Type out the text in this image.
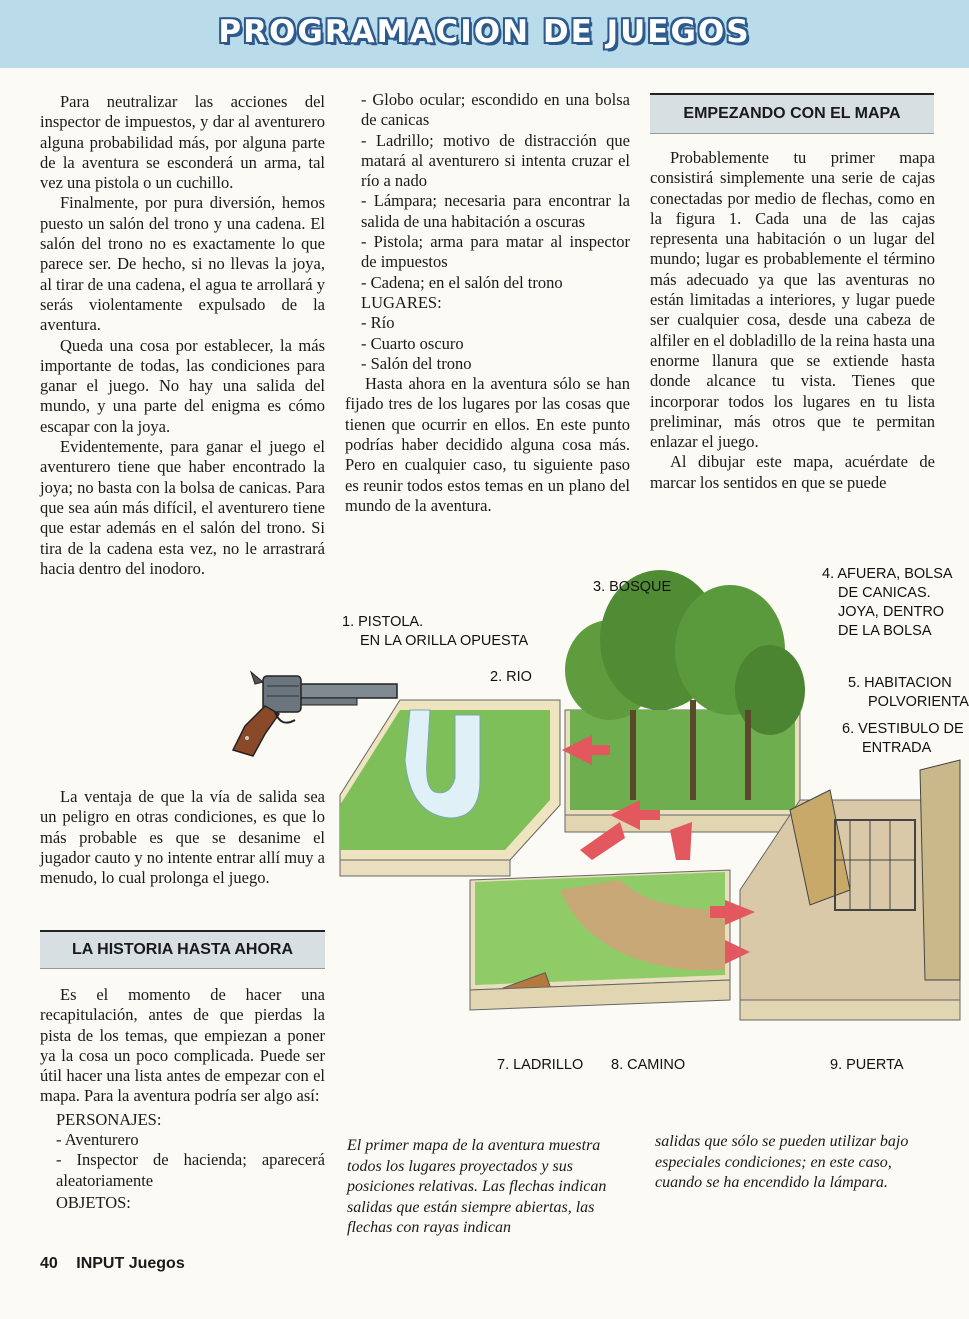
PROGRAMACION DE JUEGOS

Para neutralizar las acciones del inspector de impuestos, y dar al aventurero alguna probabilidad más, por alguna parte de la aventura se esconderá un arma, tal vez una pistola o un cuchillo.

Finalmente, por pura diversión, hemos puesto un salón del trono y una cadena. El salón del trono no es exactamente lo que parece ser. De hecho, si no llevas la joya, al tirar de una cadena, el agua te arrollará y serás violentamente expulsado de la aventura.

Queda una cosa por establecer, la más importante de todas, las condiciones para ganar el juego. No hay una salida del mundo, y una parte del enigma es cómo escapar con la joya.

Evidentemente, para ganar el juego el aventurero tiene que haber encontrado la joya; no basta con la bolsa de canicas. Para que sea aún más difícil, el aventurero tiene que estar además en el salón del trono. Si tira de la cadena esta vez, no le arrastrará hacia dentro del inodoro.

La ventaja de que la vía de salida sea un peligro en otras condiciones, es que lo más probable es que se desanime el jugador cauto y no intente entrar allí muy a menudo, lo cual prolonga el juego.

LA HISTORIA HASTA AHORA

Es el momento de hacer una recapitulación, antes de que pierdas la pista de los temas, que empiezan a poner ya la cosa un poco complicada. Puede ser útil hacer una lista antes de empezar con el mapa. Para la aventura podría ser algo así:

PERSONAJES:

- Aventurero

- Inspector de hacienda; aparecerá aleatoriamente

OBJETOS:

- Globo ocular; escondido en una bolsa de canicas

- Ladrillo; motivo de distracción que matará al aventurero si intenta cruzar el río a nado

- Lámpara; necesaria para encontrar la salida de una habitación a oscuras

- Pistola; arma para matar al inspector de impuestos

- Cadena; en el salón del trono

LUGARES:

- Río

- Cuarto oscuro

- Salón del trono

Hasta ahora en la aventura sólo se han fijado tres de los lugares por las cosas que tienen que ocurrir en ellos. En este punto podrías haber decidido alguna cosa más. Pero en cualquier caso, tu siguiente paso es reunir todos estos temas en un plano del mundo de la aventura.

EMPEZANDO CON EL MAPA

Probablemente tu primer mapa consistirá simplemente una serie de cajas conectadas por medio de flechas, como en la figura 1. Cada una de las cajas representa una habitación o un lugar del mundo; lugar es probablemente el término más adecuado ya que las aventuras no están limitadas a interiores, y lugar puede ser cualquier cosa, desde una cabeza de alfiler en el dobladillo de la reina hasta una enorme llanura que se extiende hasta donde alcance tu vista. Tienes que incorporar todos los lugares en tu lista preliminar, más otros que te permitan enlazar el juego.

Al dibujar este mapa, acuérdate de marcar los sentidos en que se puede

1. PISTOLA.
EN LA ORILLA OPUESTA
2. RIO
3. BOSQUE
4. AFUERA, BOLSA
DE CANICAS.
JOYA, DENTRO
DE LA BOLSA
5. HABITACION
POLVORIENTA
6. VESTIBULO DE
ENTRADA
7. LADRILLO 8. CAMINO	9. PUERTA
El primer mapa de la aventura muestra todos los lugares proyectados y sus posiciones relativas. Las flechas indican salidas que están siempre abiertas, las flechas con rayas indican
salidas que sólo se pueden utilizar bajo especiales condiciones; en este caso, cuando se ha encendido la lámpara.
40 INPUT Juegos
